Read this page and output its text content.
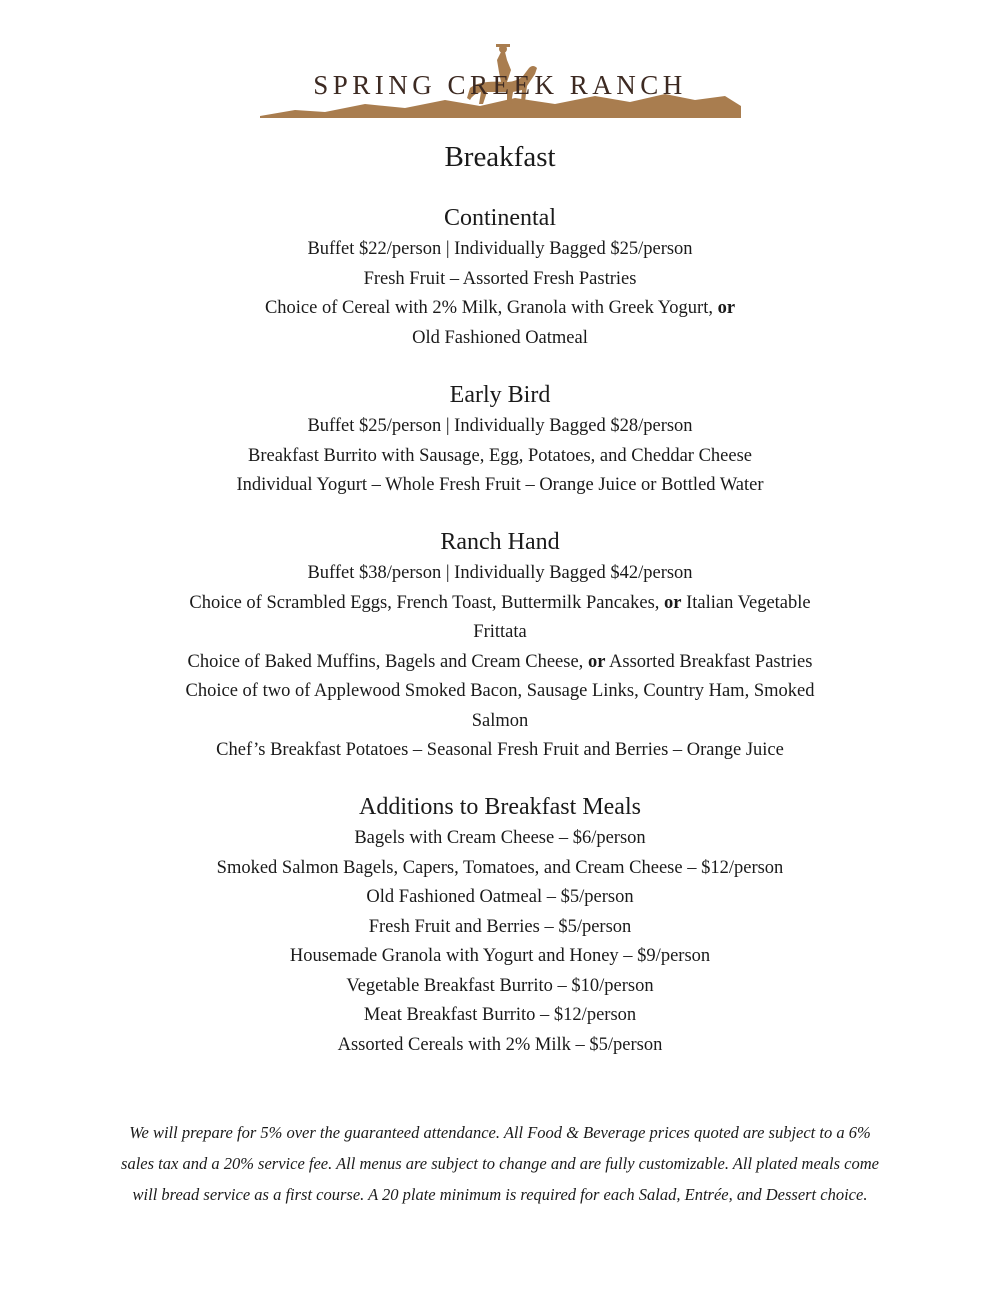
SPRING CREEK RANCH
Breakfast
Continental
Buffet $22/person | Individually Bagged $25/person
Fresh Fruit – Assorted Fresh Pastries
Choice of Cereal with 2% Milk, Granola with Greek Yogurt, or
Old Fashioned Oatmeal
Early Bird
Buffet $25/person | Individually Bagged $28/person
Breakfast Burrito with Sausage, Egg, Potatoes, and Cheddar Cheese
Individual Yogurt – Whole Fresh Fruit – Orange Juice or Bottled Water
Ranch Hand
Buffet $38/person | Individually Bagged $42/person
Choice of Scrambled Eggs, French Toast, Buttermilk Pancakes, or Italian Vegetable
Frittata
Choice of Baked Muffins, Bagels and Cream Cheese, or Assorted Breakfast Pastries
Choice of two of Applewood Smoked Bacon, Sausage Links, Country Ham, Smoked
Salmon
Chef’s Breakfast Potatoes – Seasonal Fresh Fruit and Berries – Orange Juice
Additions to Breakfast Meals
Bagels with Cream Cheese – $6/person
Smoked Salmon Bagels, Capers, Tomatoes, and Cream Cheese – $12/person
Old Fashioned Oatmeal – $5/person
Fresh Fruit and Berries – $5/person
Housemade Granola with Yogurt and Honey – $9/person
Vegetable Breakfast Burrito – $10/person
Meat Breakfast Burrito – $12/person
Assorted Cereals with 2% Milk – $5/person
We will prepare for 5% over the guaranteed attendance. All Food & Beverage prices quoted are subject to a 6%
sales tax and a 20% service fee. All menus are subject to change and are fully customizable. All plated meals come
will bread service as a first course. A 20 plate minimum is required for each Salad, Entrée, and Dessert choice.
